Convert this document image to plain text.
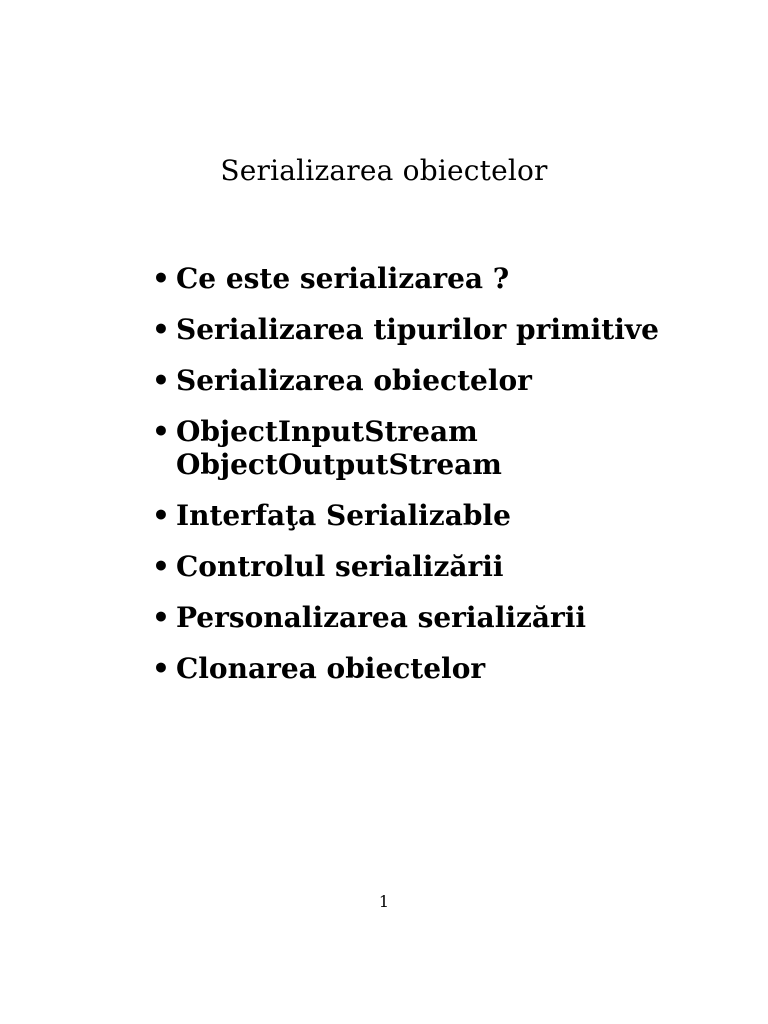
Serializarea obiectelor
• Ce este serializarea ?
• Serializarea tipurilor primitive
• Serializarea obiectelor
• ObjectInputStream
ObjectOutputStream
• Interfaţa Serializable
• Controlul serializării
• Personalizarea serializării
• Clonarea obiectelor
1
